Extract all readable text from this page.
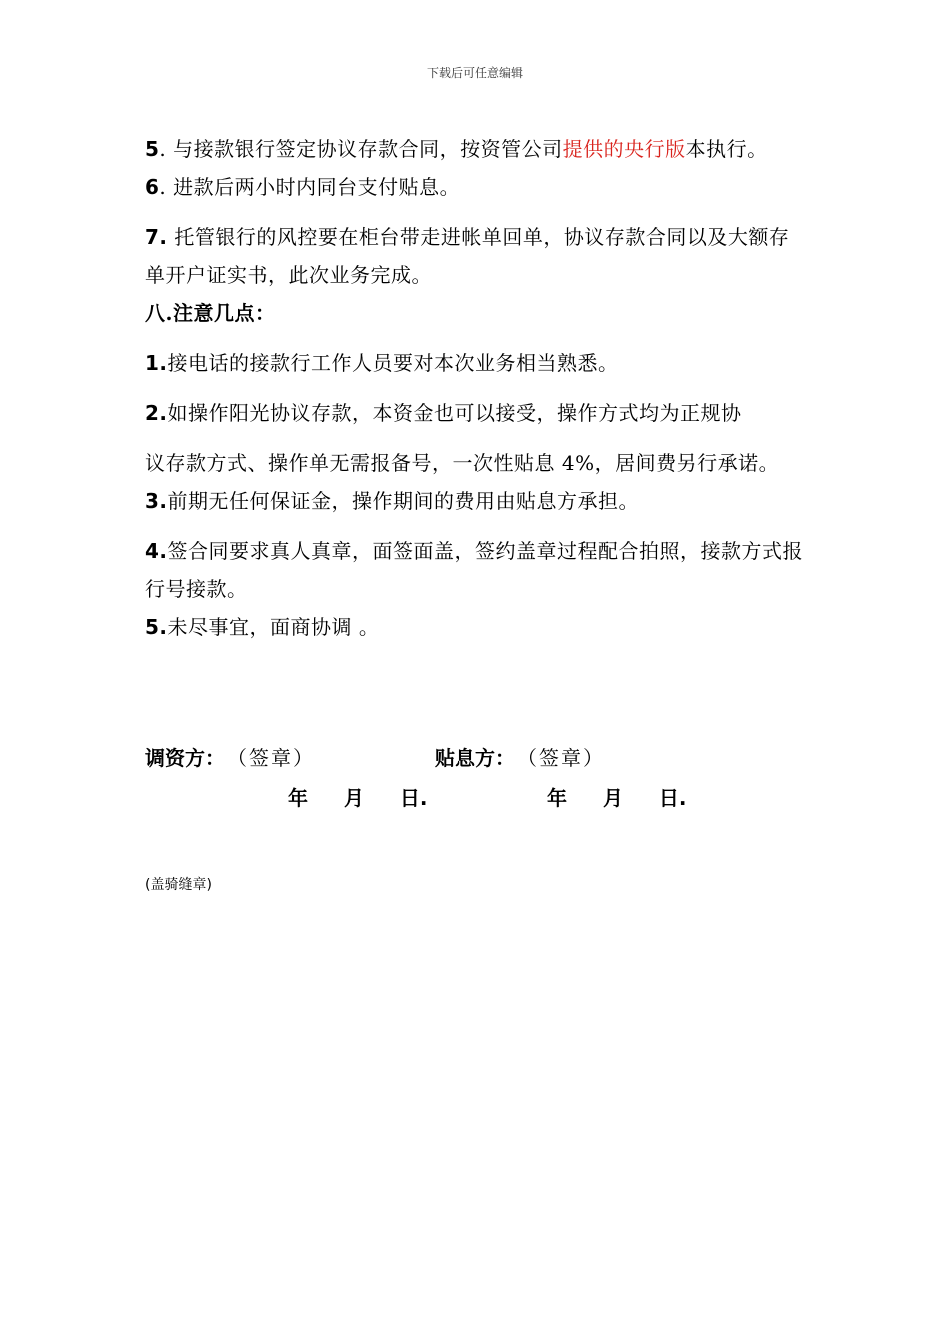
下载后可任意编辑

5. 与接款银行签定协议存款合同，按资管公司提供的央行版本执行。

6. 进款后两小时内同台支付贴息。

7. 托管银行的风控要在柜台带走进帐单回单，协议存款合同以及大额存单开户证实书，此次业务完成。

八.注意几点：

1.接电话的接款行工作人员要对本次业务相当熟悉。

2.如操作阳光协议存款，本资金也可以接受，操作方式均为正规协

议存款方式、操作单无需报备号，一次性贴息 4%，居间费另行承诺。

3.前期无任何保证金，操作期间的费用由贴息方承担。

4.签合同要求真人真章，面签面盖，签约盖章过程配合拍照，接款方式报行号接款。

5.未尽事宜，面商协调 。

调资方： （签章）	贴息方： （签章）
年 月 日.	年 月 日.
(盖骑缝章)
